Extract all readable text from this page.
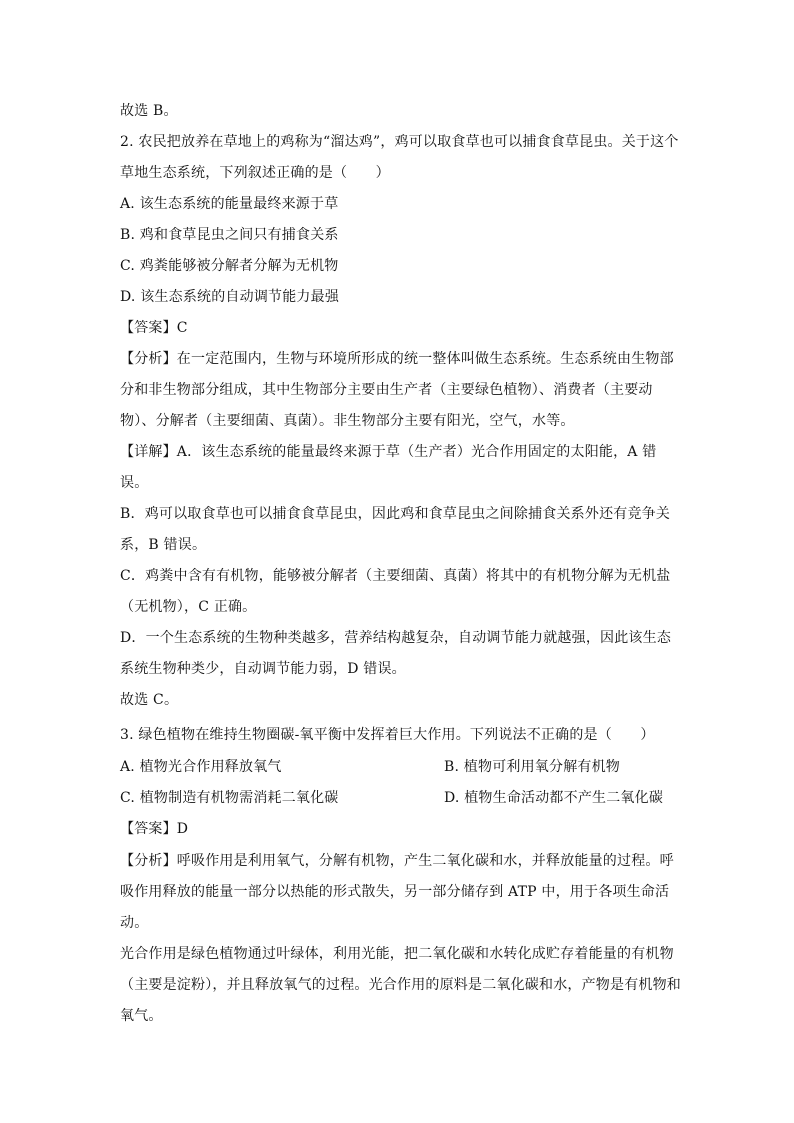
故选 B。
2. 农民把放养在草地上的鸡称为“溜达鸡”，鸡可以取食草也可以捕食食草昆虫。关于这个
草地生态系统，下列叙述正确的是（　　）
A. 该生态系统的能量最终来源于草
B. 鸡和食草昆虫之间只有捕食关系
C. 鸡粪能够被分解者分解为无机物
D. 该生态系统的自动调节能力最强
【答案】C
【分析】在一定范围内，生物与环境所形成的统一整体叫做生态系统。生态系统由生物部
分和非生物部分组成，其中生物部分主要由生产者（主要绿色植物）、消费者（主要动
物）、分解者（主要细菌、真菌）。非生物部分主要有阳光，空气，水等。
【详解】A．该生态系统的能量最终来源于草（生产者）光合作用固定的太阳能，A 错
误。
B．鸡可以取食草也可以捕食食草昆虫，因此鸡和食草昆虫之间除捕食关系外还有竞争关
系，B 错误。
C．鸡粪中含有有机物，能够被分解者（主要细菌、真菌）将其中的有机物分解为无机盐
（无机物），C 正确。
D．一个生态系统的生物种类越多，营养结构越复杂，自动调节能力就越强，因此该生态
系统生物种类少，自动调节能力弱，D 错误。
故选 C。
3. 绿色植物在维持生物圈碳-氧平衡中发挥着巨大作用。下列说法不正确的是（　　）
A. 植物光合作用释放氧气	B. 植物可利用氧分解有机物
C. 植物制造有机物需消耗二氧化碳	D. 植物生命活动都不产生二氧化碳
【答案】D
【分析】呼吸作用是利用氧气，分解有机物，产生二氧化碳和水，并释放能量的过程。呼
吸作用释放的能量一部分以热能的形式散失，另一部分储存到 ATP 中，用于各项生命活
动。
光合作用是绿色植物通过叶绿体，利用光能，把二氧化碳和水转化成贮存着能量的有机物
（主要是淀粉），并且释放氧气的过程。光合作用的原料是二氧化碳和水，产物是有机物和
氧气。
